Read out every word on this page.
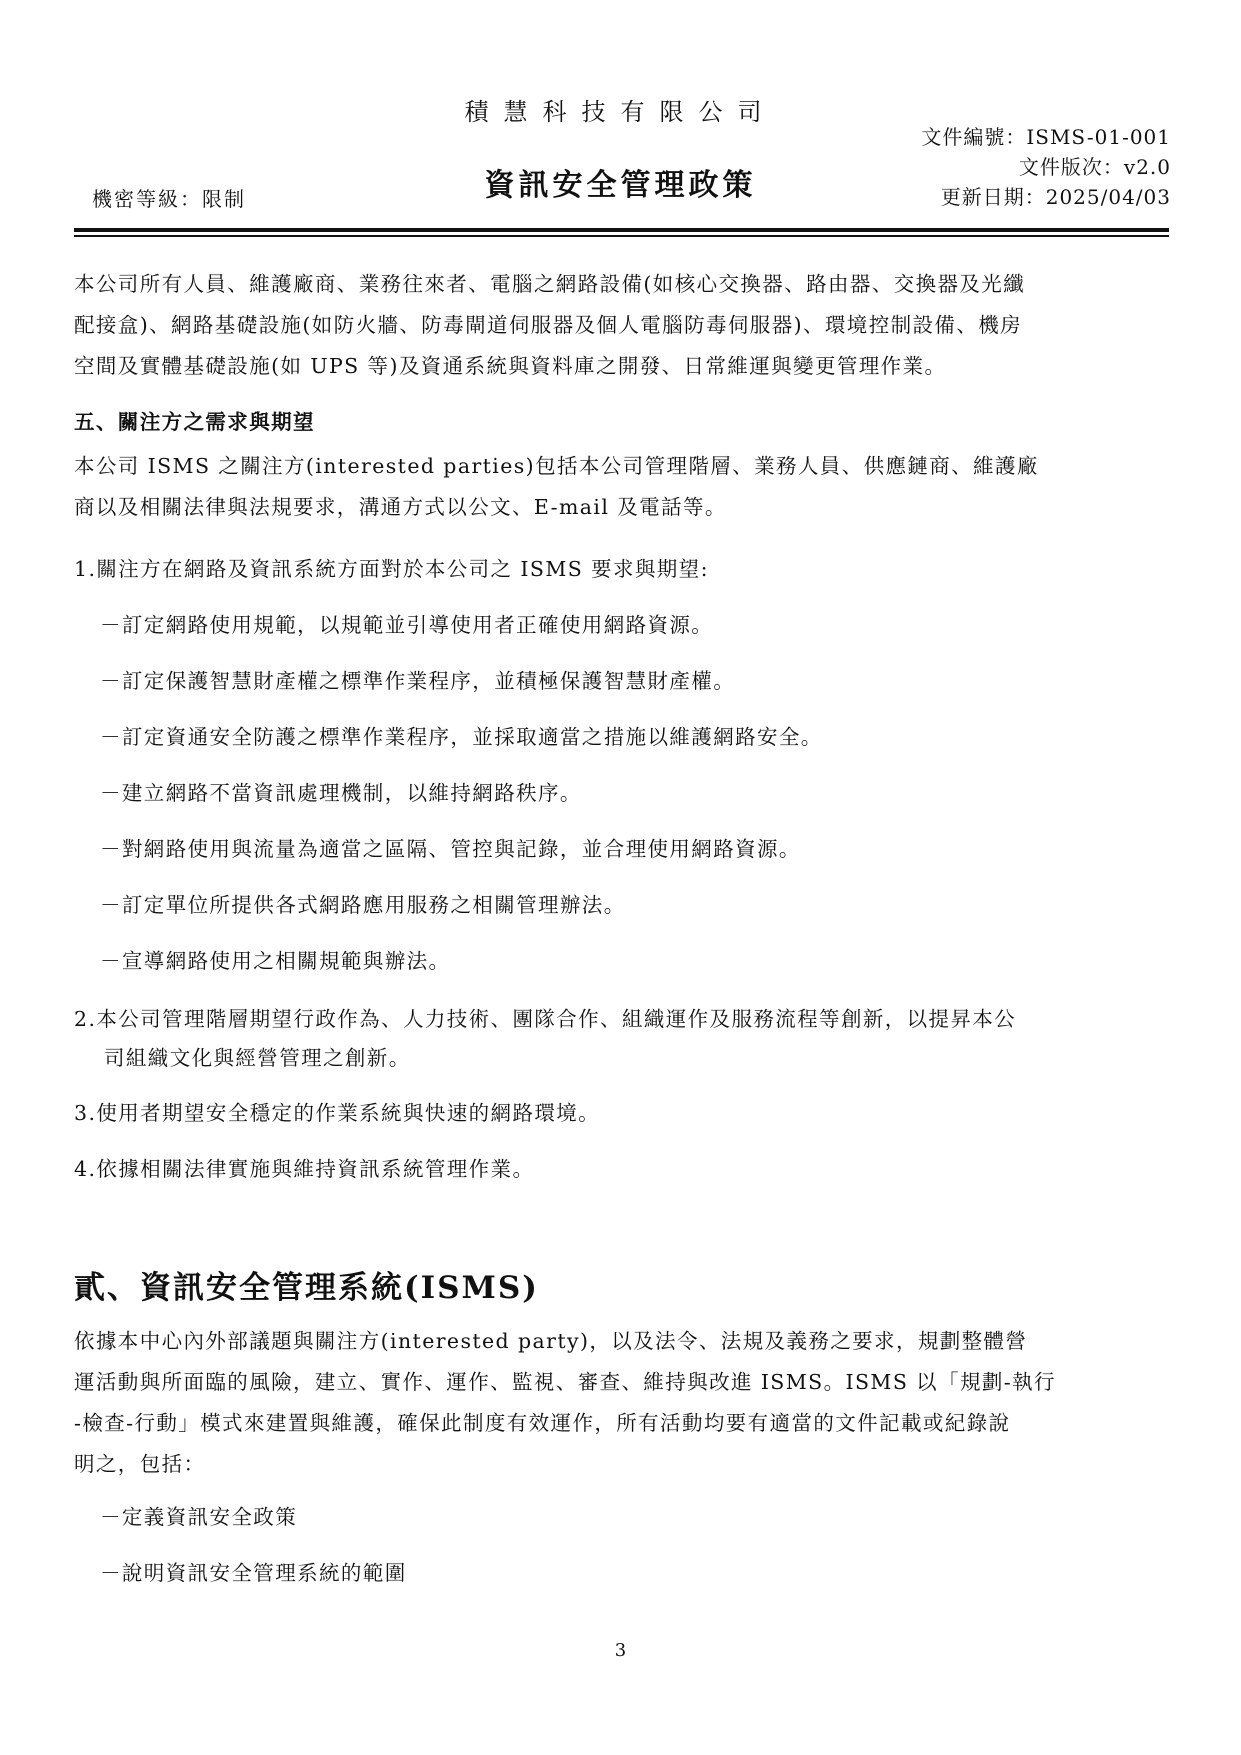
積慧科技有限公司
資訊安全管理政策
機密等級：限制
文件編號：ISMS-01-001
文件版次：v2.0
更新日期：2025/04/03
本公司所有人員、維護廠商、業務往來者、電腦之網路設備(如核心交換器、路由器、交換器及光纖
配接盒)、網路基礎設施(如防火牆、防毒閘道伺服器及個人電腦防毒伺服器)、環境控制設備、機房
空間及實體基礎設施(如 UPS 等)及資通系統與資料庫之開發、日常維運與變更管理作業。
五、關注方之需求與期望
本公司 ISMS 之關注方(interested parties)包括本公司管理階層、業務人員、供應鏈商、維護廠
商以及相關法律與法規要求，溝通方式以公文、E-mail 及電話等。
1.關注方在網路及資訊系統方面對於本公司之 ISMS 要求與期望:
－訂定網路使用規範，以規範並引導使用者正確使用網路資源。
－訂定保護智慧財產權之標準作業程序，並積極保護智慧財產權。
－訂定資通安全防護之標準作業程序，並採取適當之措施以維護網路安全。
－建立網路不當資訊處理機制，以維持網路秩序。
－對網路使用與流量為適當之區隔、管控與記錄，並合理使用網路資源。
－訂定單位所提供各式網路應用服務之相關管理辦法。
－宣導網路使用之相關規範與辦法。
2.本公司管理階層期望行政作為、人力技術、團隊合作、組織運作及服務流程等創新，以提昇本公
司組織文化與經營管理之創新。
3.使用者期望安全穩定的作業系統與快速的網路環境。
4.依據相關法律實施與維持資訊系統管理作業。
貳、資訊安全管理系統(ISMS)
依據本中心內外部議題與關注方(interested party)，以及法令、法規及義務之要求，規劃整體營
運活動與所面臨的風險，建立、實作、運作、監視、審查、維持與改進 ISMS。ISMS 以「規劃-執行
-檢查-行動」模式來建置與維護，確保此制度有效運作，所有活動均要有適當的文件記載或紀錄說
明之，包括：
－定義資訊安全政策
－說明資訊安全管理系統的範圍
3
